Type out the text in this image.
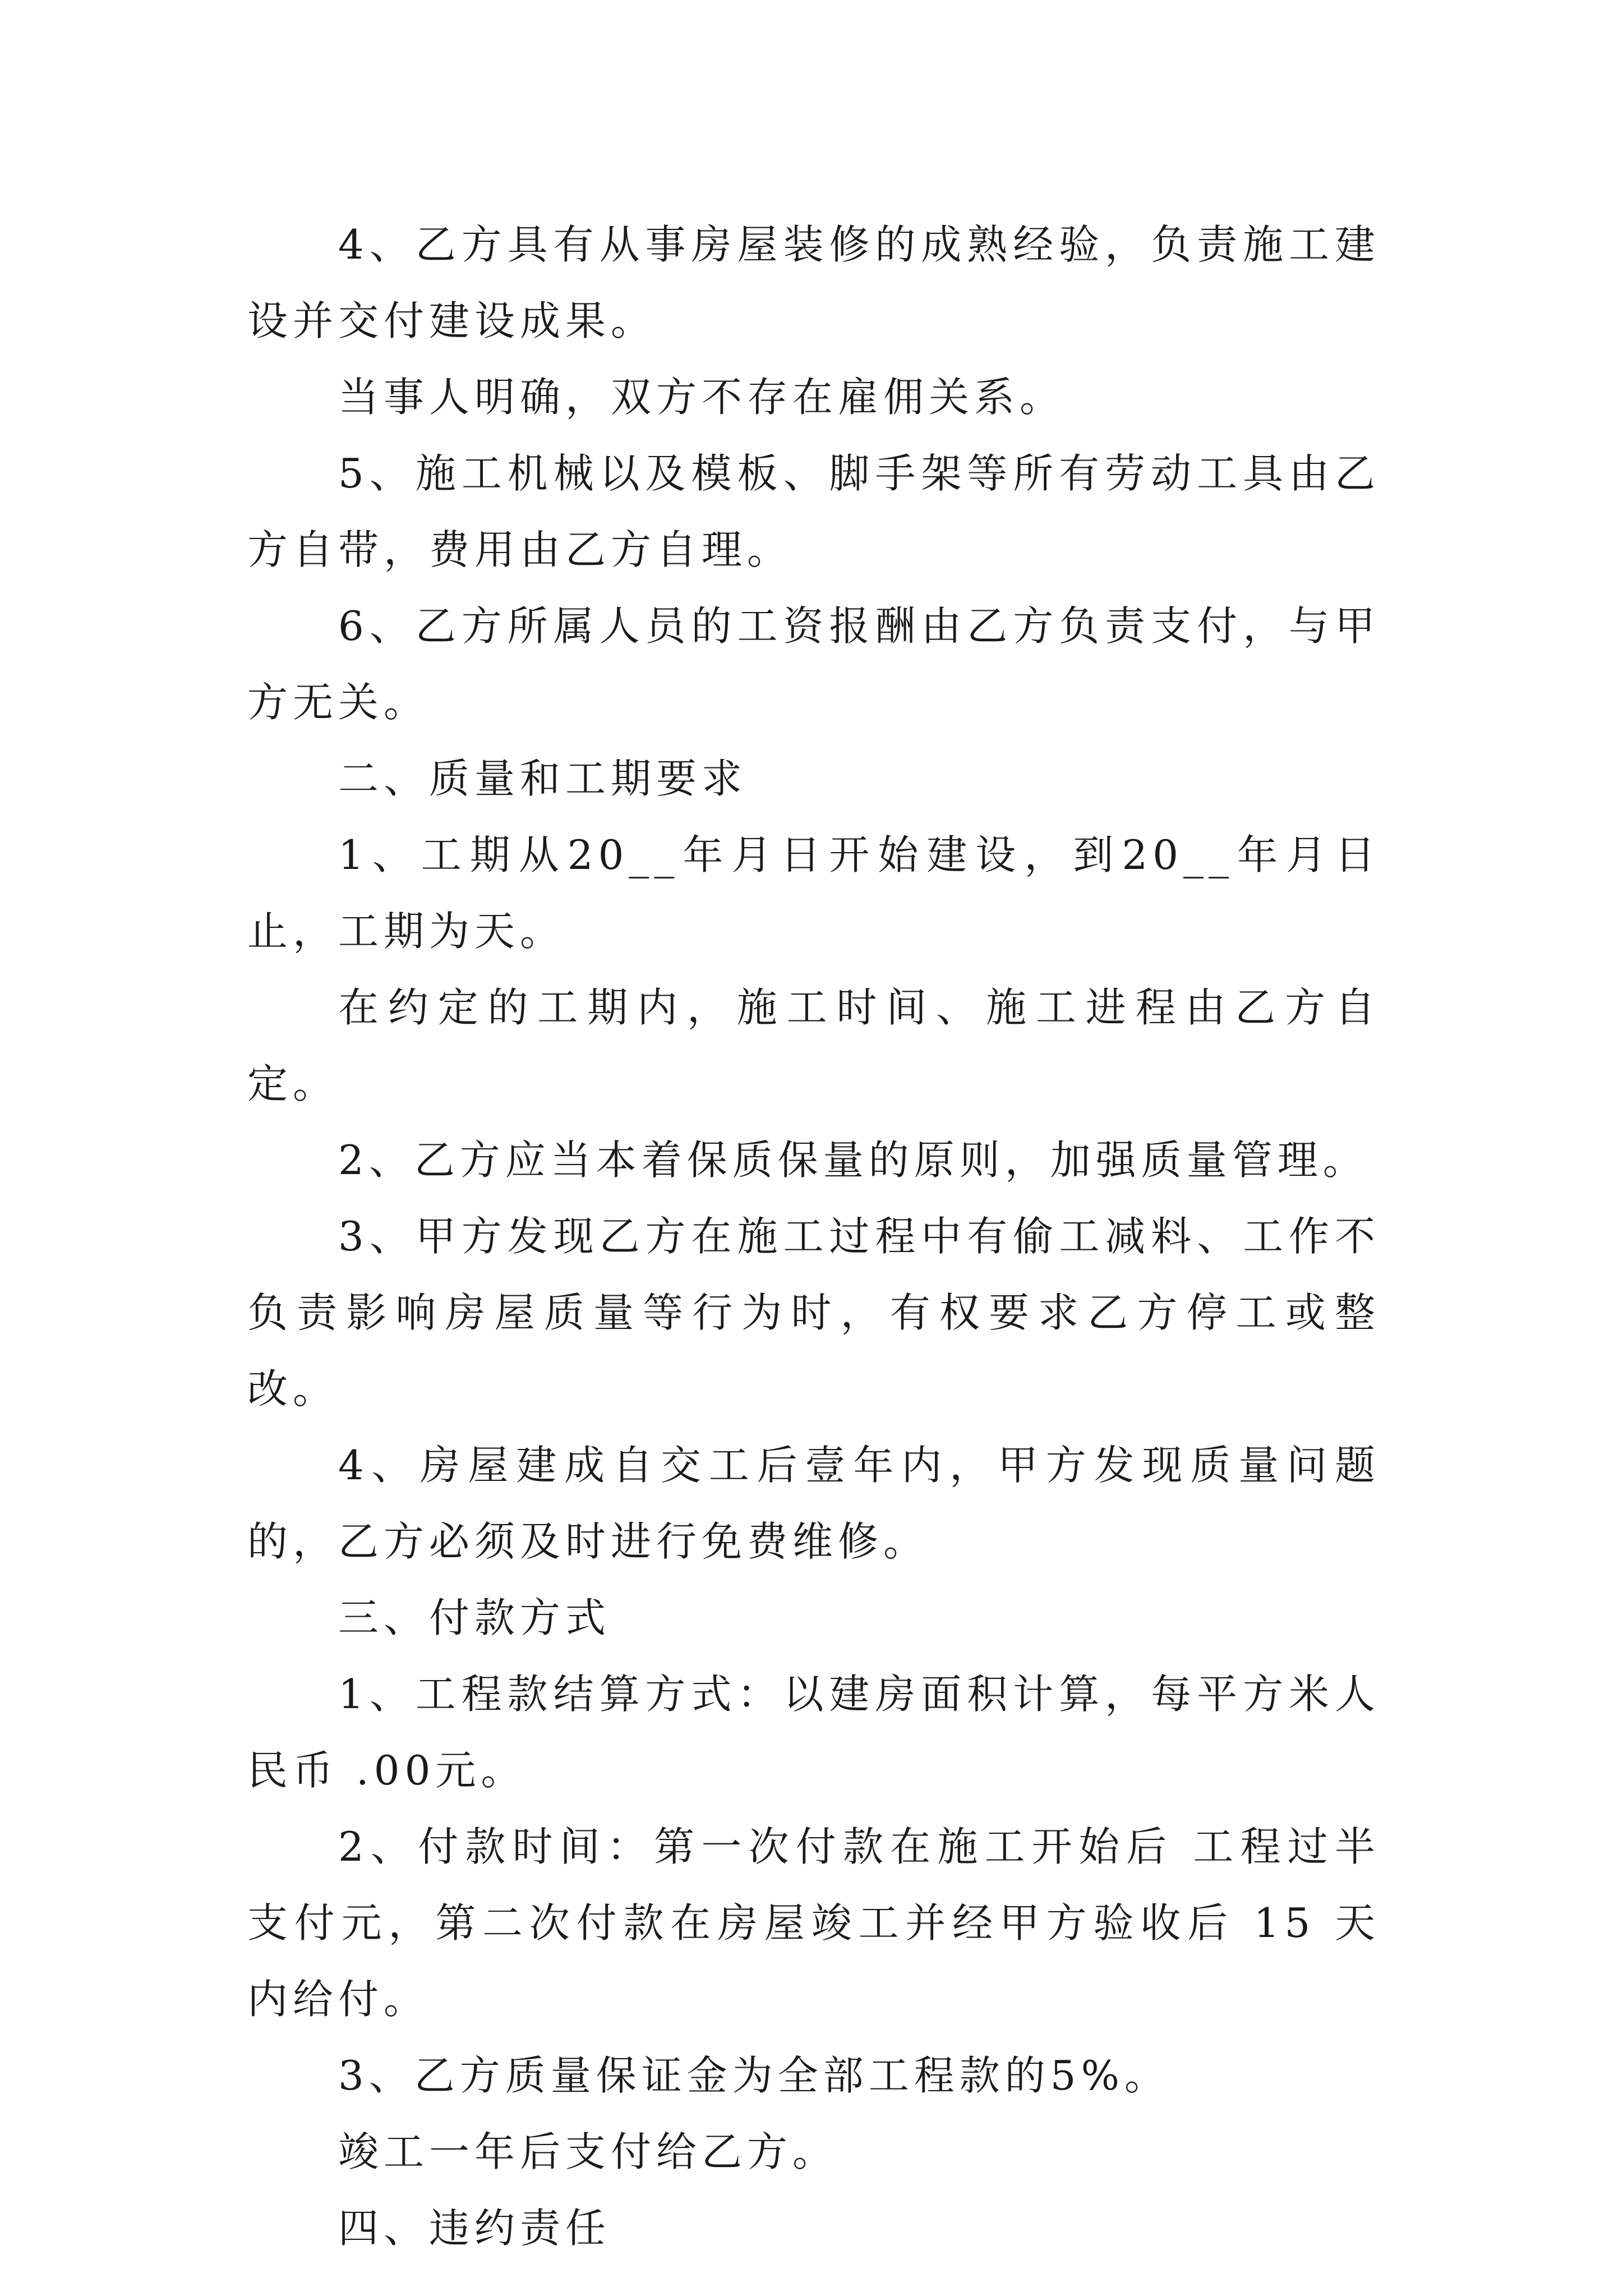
4、乙方具有从事房屋装修的成熟经验，负责施工建设并交付建设成果。

当事人明确，双方不存在雇佣关系。

5、施工机械以及模板、脚手架等所有劳动工具由乙方自带，费用由乙方自理。

6、乙方所属人员的工资报酬由乙方负责支付，与甲方无关。

二、质量和工期要求

1、工期从20__年月日开始建设，到20__年月日止，工期为天。

在约定的工期内，施工时间、施工进程由乙方自定。

2、乙方应当本着保质保量的原则，加强质量管理。

3、甲方发现乙方在施工过程中有偷工减料、工作不负责影响房屋质量等行为时，有权要求乙方停工或整改。

4、房屋建成自交工后壹年内，甲方发现质量问题的，乙方必须及时进行免费维修。

三、付款方式

1、工程款结算方式：以建房面积计算，每平方米人民币 .00元。

2、付款时间：第一次付款在施工开始后 工程过半支付元，第二次付款在房屋竣工并经甲方验收后 15 天内给付。

3、乙方质量保证金为全部工程款的5%。

竣工一年后支付给乙方。

四、违约责任
